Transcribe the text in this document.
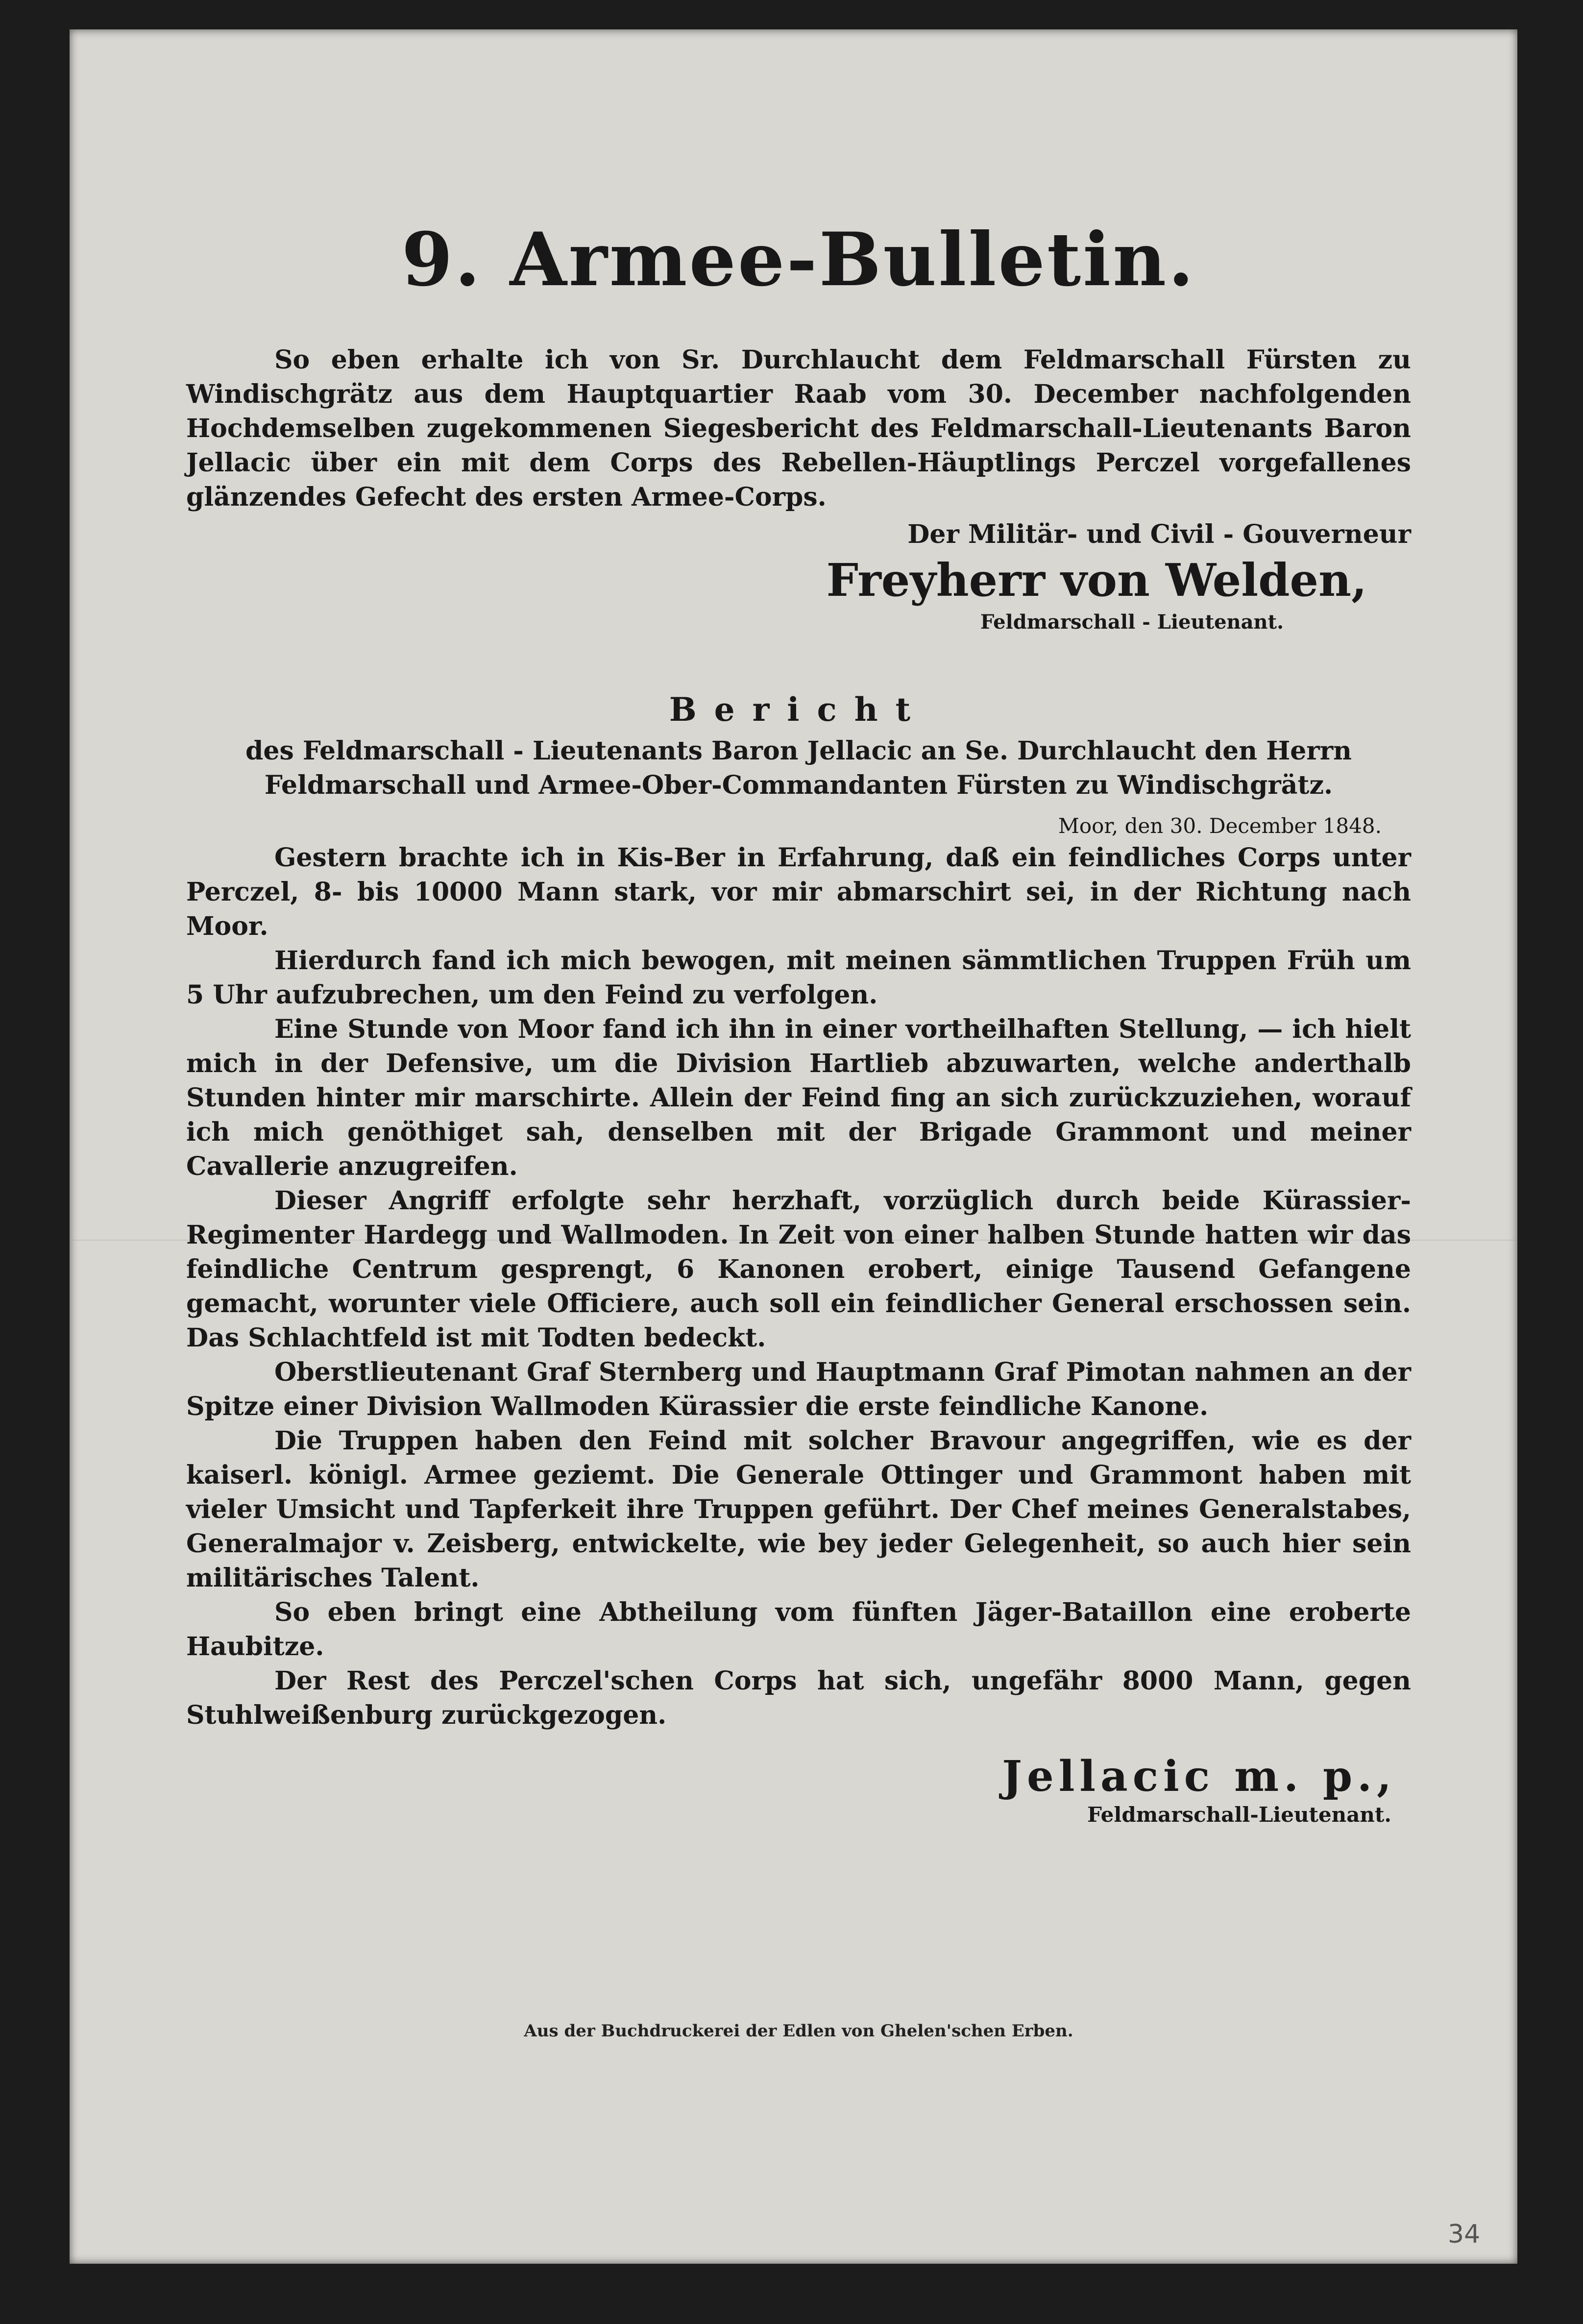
9. Armee-Bulletin.

So eben erhalte ich von Sr. Durchlaucht dem Feldmarschall Fürsten zu Windischgrätz aus dem Hauptquartier Raab vom 30. December nachfolgenden Hochdemselben zugekommenen Siegesbericht des Feldmarschall-Lieutenants Baron Jellacic über ein mit dem Corps des Rebellen-Häuptlings Perczel vorgefallenes glänzendes Gefecht des ersten Armee-Corps.

Der Militär- und Civil - Gouverneur
Freyherr von Welden,
Feldmarschall - Lieutenant.
Bericht

des Feldmarschall - Lieutenants Baron Jellacic an Se. Durchlaucht den Herrn Feldmarschall und Armee-Ober-Commandanten Fürsten zu Windischgrätz.

Moor, den 30. December 1848.

Gestern brachte ich in Kis-Ber in Erfahrung, daß ein feindliches Corps unter Perczel, 8- bis 10000 Mann stark, vor mir abmarschirt sei, in der Richtung nach Moor.

Hierdurch fand ich mich bewogen, mit meinen sämmtlichen Truppen Früh um 5 Uhr aufzubrechen, um den Feind zu verfolgen.

Eine Stunde von Moor fand ich ihn in einer vortheilhaften Stellung, — ich hielt mich in der Defensive, um die Division Hartlieb abzuwarten, welche anderthalb Stunden hinter mir marschirte. Allein der Feind fing an sich zurückzuziehen, worauf ich mich genöthiget sah, denselben mit der Brigade Grammont und meiner Cavallerie anzugreifen.

Dieser Angriff erfolgte sehr herzhaft, vorzüglich durch beide Kürassier-Regimenter Hardegg und Wallmoden. In Zeit von einer halben Stunde hatten wir das feindliche Centrum gesprengt, 6 Kanonen erobert, einige Tausend Gefangene gemacht, worunter viele Officiere, auch soll ein feindlicher General erschossen sein. Das Schlachtfeld ist mit Todten bedeckt.

Oberstlieutenant Graf Sternberg und Hauptmann Graf Pimotan nahmen an der Spitze einer Division Wallmoden Kürassier die erste feindliche Kanone.

Die Truppen haben den Feind mit solcher Bravour angegriffen, wie es der kaiserl. königl. Armee geziemt. Die Generale Ottinger und Grammont haben mit vieler Umsicht und Tapferkeit ihre Truppen geführt. Der Chef meines Generalstabes, Generalmajor v. Zeisberg, entwickelte, wie bey jeder Gelegenheit, so auch hier sein militärisches Talent.

So eben bringt eine Abtheilung vom fünften Jäger-Bataillon eine eroberte Haubitze.

Der Rest des Perczel'schen Corps hat sich, ungefähr 8000 Mann, gegen Stuhlweißenburg zurückgezogen.

Jellacic m. p.,
Feldmarschall-Lieutenant.
Aus der Buchdruckerei der Edlen von Ghelen'schen Erben.
34
